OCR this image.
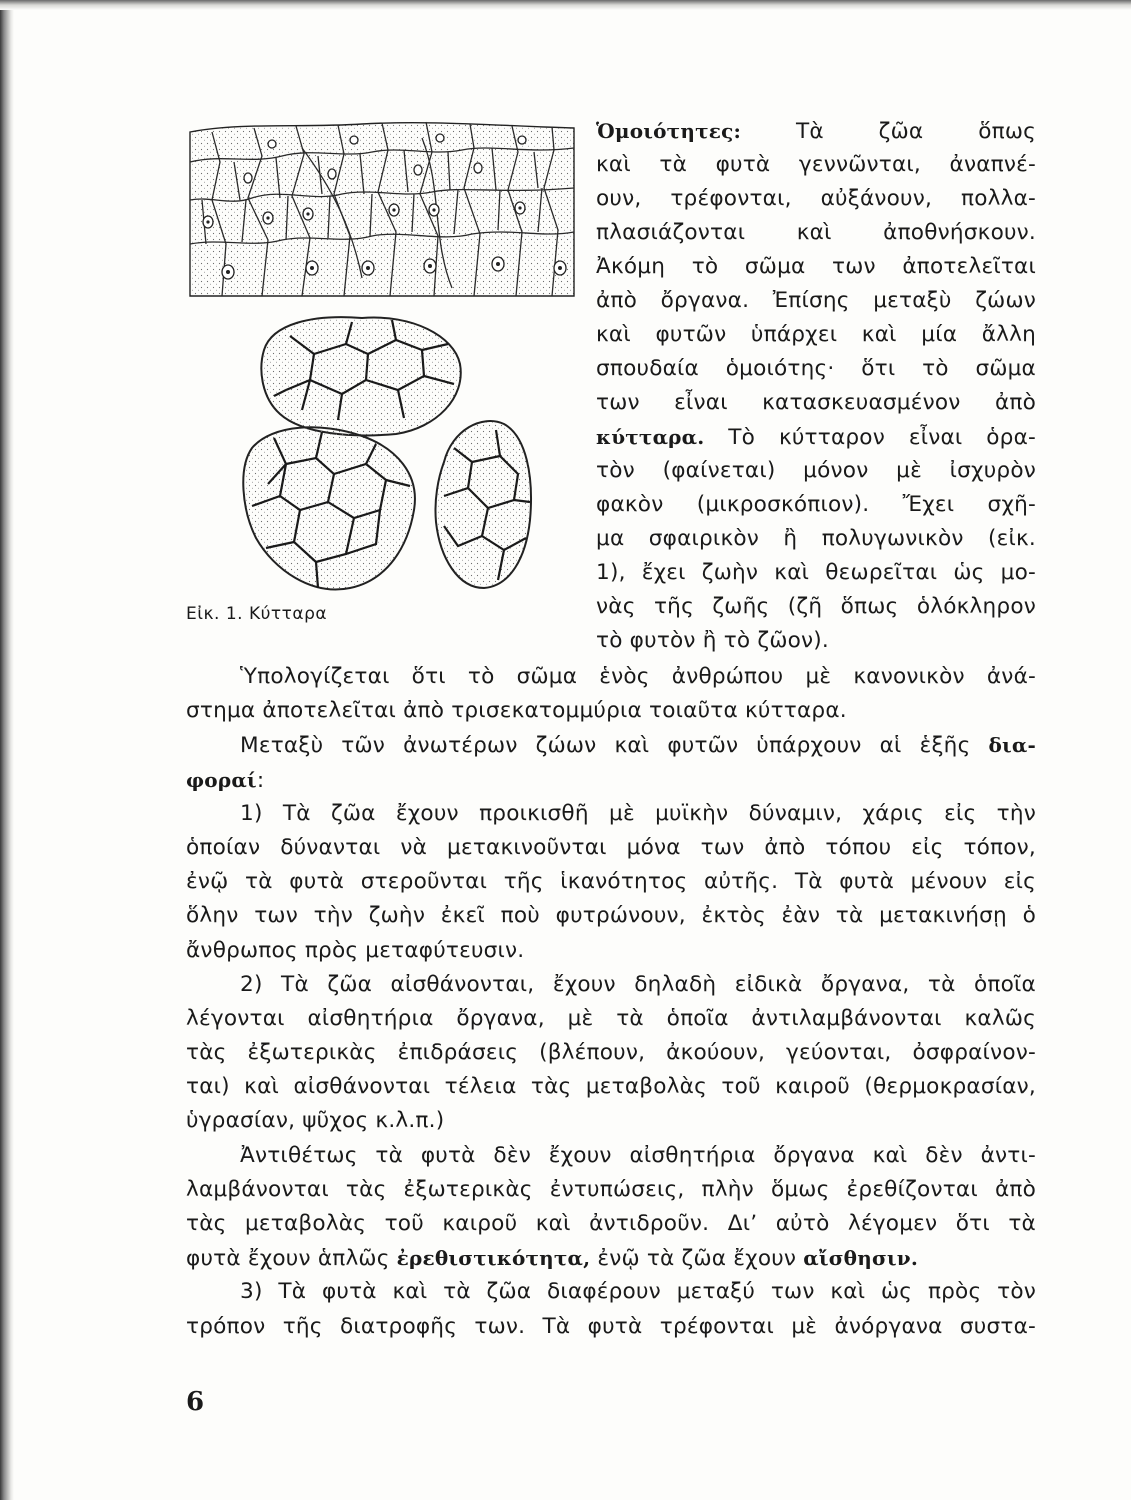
Εἰκ. 1. Κύτταρα
Ὁμοιότητες: Τὰ ζῶα ὅπως
καὶ τὰ φυτὰ γεννῶνται, ἀναπνέ-
ουν, τρέφονται, αὐξάνουν, πολλα-
πλασιάζονται καὶ ἀποθνήσκουν.
Ἀκόμη τὸ σῶμα των ἀποτελεῖται
ἀπὸ ὄργανα. Ἐπίσης μεταξὺ ζώων
καὶ φυτῶν ὑπάρχει καὶ μία ἄλλη
σπουδαία ὁμοιότης· ὅτι τὸ σῶμα
των εἶναι κατασκευασμένον ἀπὸ
κύτταρα. Τὸ κύτταρον εἶναι ὁρα-
τὸν (φαίνεται) μόνον μὲ ἰσχυρὸν
φακὸν (μικροσκόπιον). Ἔχει σχῆ-
μα σφαιρικὸν ἢ πολυγωνικὸν (εἰκ.
1), ἔχει ζωὴν καὶ θεωρεῖται ὡς μο-
νὰς τῆς ζωῆς (ζῆ ὅπως ὁλόκληρον
τὸ φυτὸν ἢ τὸ ζῶον).
Ὑπολογίζεται ὅτι τὸ σῶμα ἑνὸς ἀνθρώπου μὲ κανονικὸν ἀνά-
στημα ἀποτελεῖται ἀπὸ τρισεκατομμύρια τοιαῦτα κύτταρα.
Μεταξὺ τῶν ἀνωτέρων ζώων καὶ φυτῶν ὑπάρχουν αἱ ἑξῆς δια-
φοραί:
1) Τὰ ζῶα ἔχουν προικισθῆ μὲ μυϊκὴν δύναμιν, χάρις εἰς τὴν
ὁποίαν δύνανται νὰ μετακινοῦνται μόνα των ἀπὸ τόπου εἰς τόπον,
ἐνῷ τὰ φυτὰ στεροῦνται τῆς ἱκανότητος αὐτῆς. Τὰ φυτὰ μένουν εἰς
ὅλην των τὴν ζωὴν ἐκεῖ ποὺ φυτρώνουν, ἐκτὸς ἐὰν τὰ μετακινήσῃ ὁ
ἄνθρωπος πρὸς μεταφύτευσιν.
2) Τὰ ζῶα αἰσθάνονται, ἔχουν δηλαδὴ εἰδικὰ ὄργανα, τὰ ὁποῖα
λέγονται αἰσθητήρια ὄργανα, μὲ τὰ ὁποῖα ἀντιλαμβάνονται καλῶς
τὰς ἐξωτερικὰς ἐπιδράσεις (βλέπουν, ἀκούουν, γεύονται, ὀσφραίνον-
ται) καὶ αἰσθάνονται τέλεια τὰς μεταβολὰς τοῦ καιροῦ (θερμοκρασίαν,
ὑγρασίαν, ψῦχος κ.λ.π.)
Ἀντιθέτως τὰ φυτὰ δὲν ἔχουν αἰσθητήρια ὄργανα καὶ δὲν ἀντι-
λαμβάνονται τὰς ἐξωτερικὰς ἐντυπώσεις, πλὴν ὅμως ἐρεθίζονται ἀπὸ
τὰς μεταβολὰς τοῦ καιροῦ καὶ ἀντιδροῦν. Διʼ αὐτὸ λέγομεν ὅτι τὰ
φυτὰ ἔχουν ἁπλῶς ἐρεθιστικότητα, ἐνῷ τὰ ζῶα ἔχουν αἴσθησιν.
3) Τὰ φυτὰ καὶ τὰ ζῶα διαφέρουν μεταξύ των καὶ ὡς πρὸς τὸν
τρόπον τῆς διατροφῆς των. Τὰ φυτὰ τρέφονται μὲ ἀνόργανα συστα-
6
